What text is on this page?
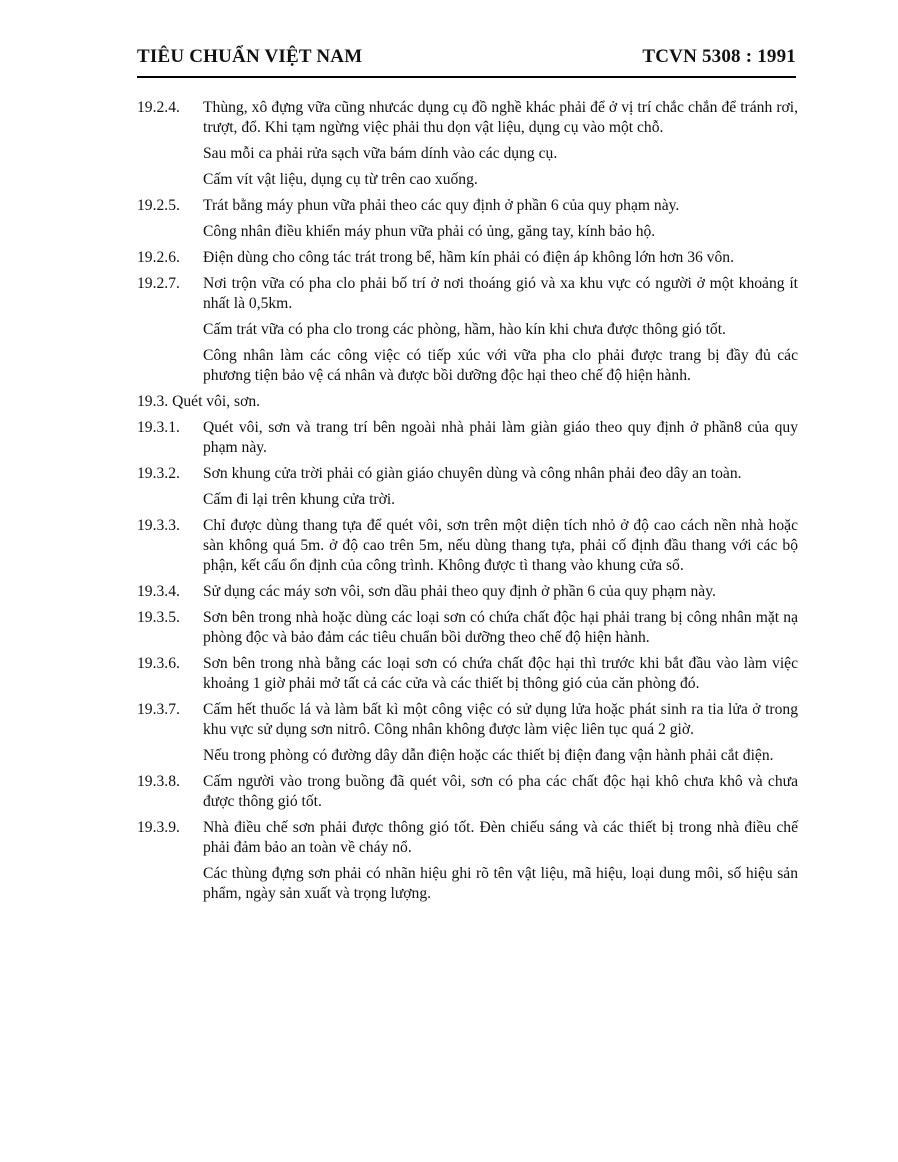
TIÊU CHUẨN VIỆT NAM	TCVN 5308 : 1991
19.2.4. Thùng, xô đựng vữa cũng nhưcác dụng cụ đồ nghề khác phải để ở vị trí chắc chắn để tránh rơi, trượt, đổ. Khi tạm ngừng việc phải thu dọn vật liệu, dụng cụ vào một chỗ.
Sau mỗi ca phải rửa sạch vữa bám dính vào các dụng cụ.
Cấm vít vật liệu, dụng cụ từ trên cao xuống.
19.2.5. Trát bằng máy phun vữa phải theo các quy định ở phần 6 của quy phạm này.
Công nhân điều khiển máy phun vữa phải có ủng, găng tay, kính bảo hộ.
19.2.6. Điện dùng cho công tác trát trong bể, hầm kín phải có điện áp không lớn hơn 36 vôn.
19.2.7. Nơi trộn vữa có pha clo phải bố trí ở nơi thoáng gió và xa khu vực có người ở một khoảng ít nhất là 0,5km.
Cấm trát vữa có pha clo trong các phòng, hầm, hào kín khi chưa được thông gió tốt.
Công nhân làm các công việc có tiếp xúc với vữa pha clo phải được trang bị đầy đủ các phương tiện bảo vệ cá nhân và được bồi dưỡng độc hại theo chế độ hiện hành.
19.3. Quét vôi, sơn.
19.3.1. Quét vôi, sơn và trang trí bên ngoài nhà phải làm giàn giáo theo quy định ở phần8 của quy phạm này.
19.3.2. Sơn khung cửa trời phải có giàn giáo chuyên dùng và công nhân phải đeo dây an toàn.
Cấm đi lại trên khung cửa trời.
19.3.3. Chỉ được dùng thang tựa để quét vôi, sơn trên một diện tích nhỏ ở độ cao cách nền nhà hoặc sàn không quá 5m. ở độ cao trên 5m, nếu dùng thang tựa, phải cố định đầu thang với các bộ phận, kết cấu ổn định của công trình. Không được tì thang vào khung cửa sổ.
19.3.4. Sử dụng các máy sơn vôi, sơn dầu phải theo quy định ở phần 6 của quy phạm này.
19.3.5. Sơn bên trong nhà hoặc dùng các loại sơn có chứa chất độc hại phải trang bị công nhân mặt nạ phòng độc và bảo đảm các tiêu chuẩn bồi dưỡng theo chế độ hiện hành.
19.3.6. Sơn bên trong nhà bằng các loại sơn có chứa chất độc hại thì trước khi bắt đầu vào làm việc khoảng 1 giờ phải mở tất cả các cửa và các thiết bị thông gió của căn phòng đó.
19.3.7. Cấm hết thuốc lá và làm bất kì một công việc có sử dụng lửa hoặc phát sinh ra tia lửa ở trong khu vực sử dụng sơn nitrô. Công nhân không được làm việc liên tục quá 2 giờ.
Nếu trong phòng có đường dây dẫn điện hoặc các thiết bị điện đang vận hành phải cắt điện.
19.3.8. Cấm người vào trong buồng đã quét vôi, sơn có pha các chất độc hại khô chưa khô và chưa được thông gió tốt.
19.3.9. Nhà điều chế sơn phải được thông gió tốt. Đèn chiếu sáng và các thiết bị trong nhà điều chế phải đảm bảo an toàn về cháy nổ.
Các thùng đựng sơn phải có nhãn hiệu ghi rõ tên vật liệu, mã hiệu, loại dung môi, số hiệu sản phẩm, ngày sản xuất và trọng lượng.
